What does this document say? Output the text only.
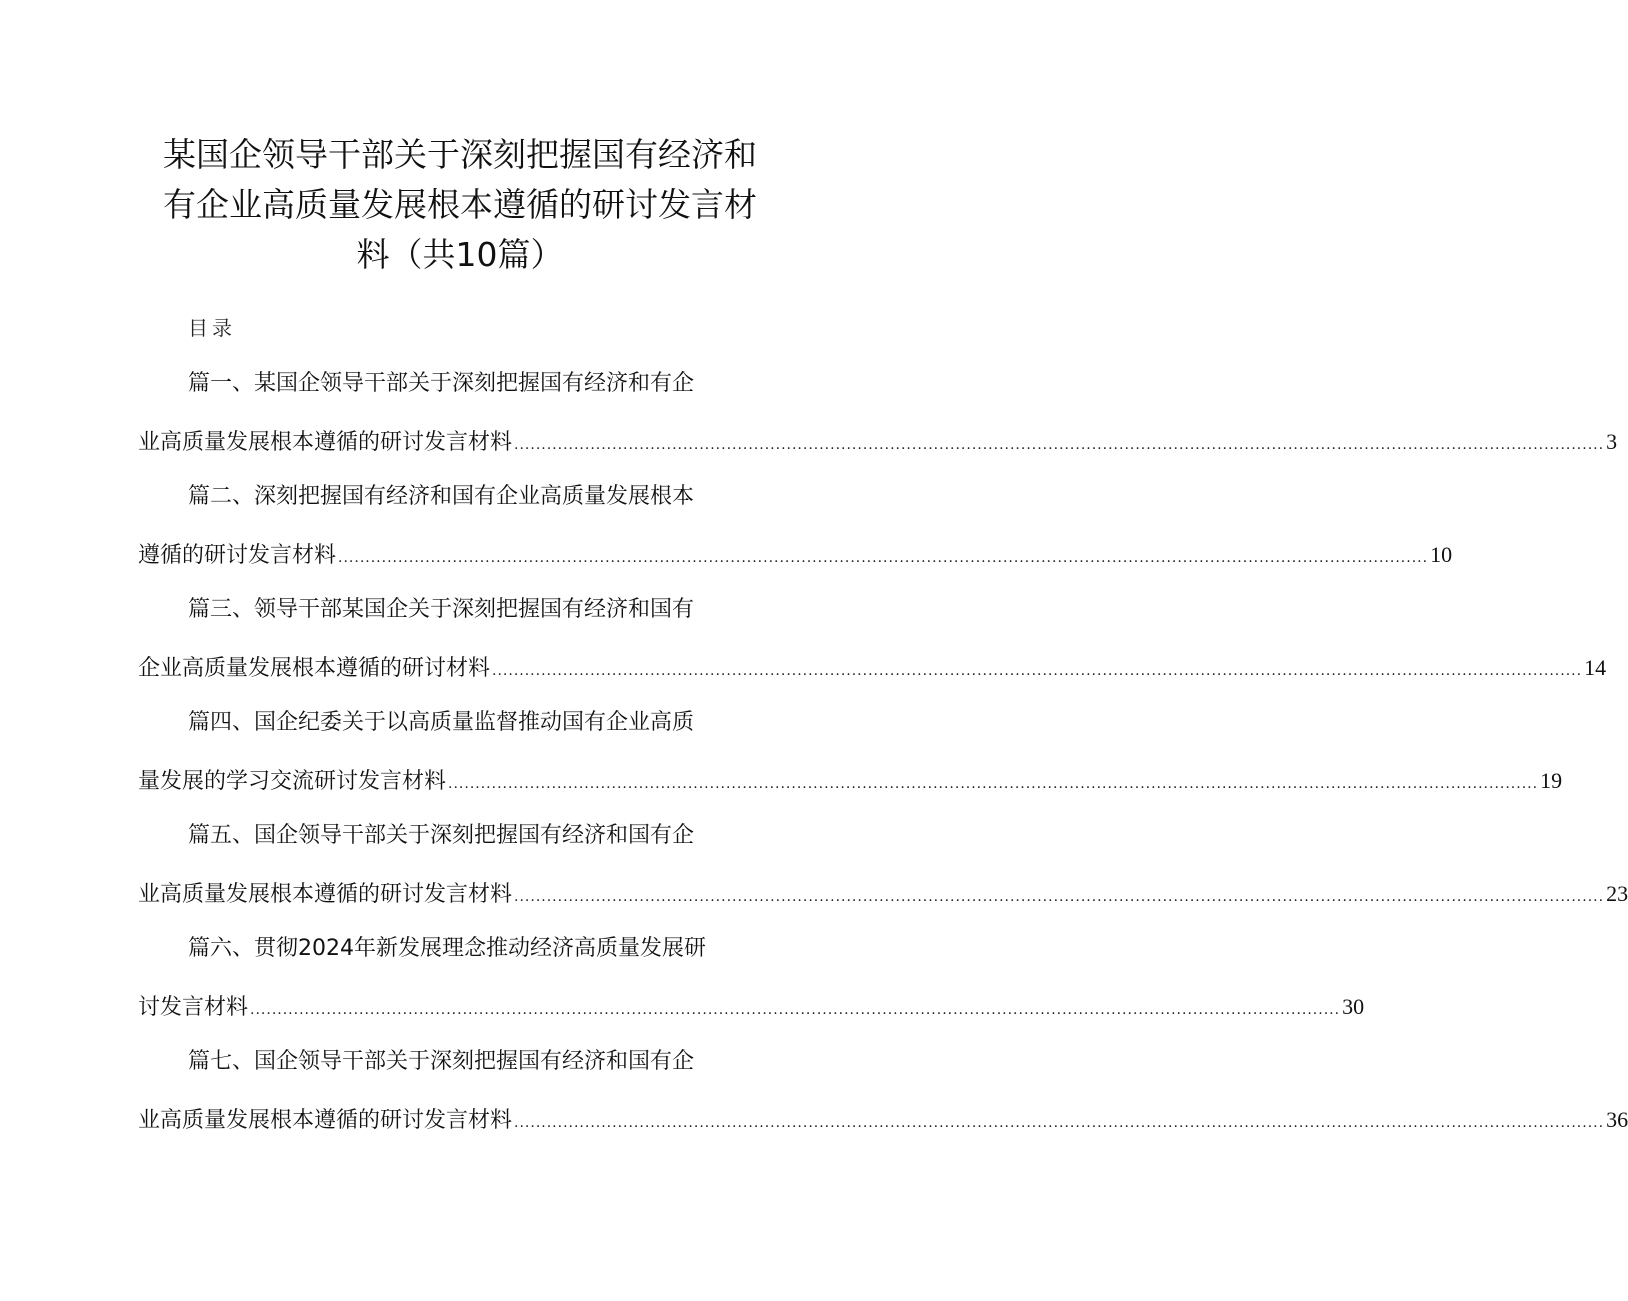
某国企领导干部关于深刻把握国有经济和
有企业高质量发展根本遵循的研讨发言材
料（共10篇）
目录
篇一、某国企领导干部关于深刻把握国有经济和有企
业高质量发展根本遵循的研讨发言材料 ........................................................................................................................................................................................................ 3
篇二、深刻把握国有经济和国有企业高质量发展根本
遵循的研讨发言材料 ........................................................................................................................................................................................................ 10
篇三、领导干部某国企关于深刻把握国有经济和国有
企业高质量发展根本遵循的研讨材料 ........................................................................................................................................................................................................ 14
篇四、国企纪委关于以高质量监督推动国有企业高质
量发展的学习交流研讨发言材料 ........................................................................................................................................................................................................ 19
篇五、国企领导干部关于深刻把握国有经济和国有企
业高质量发展根本遵循的研讨发言材料 ........................................................................................................................................................................................................ 23
篇六、贯彻2024年新发展理念推动经济高质量发展研
讨发言材料 ........................................................................................................................................................................................................ 30
篇七、国企领导干部关于深刻把握国有经济和国有企
业高质量发展根本遵循的研讨发言材料 ........................................................................................................................................................................................................ 36
